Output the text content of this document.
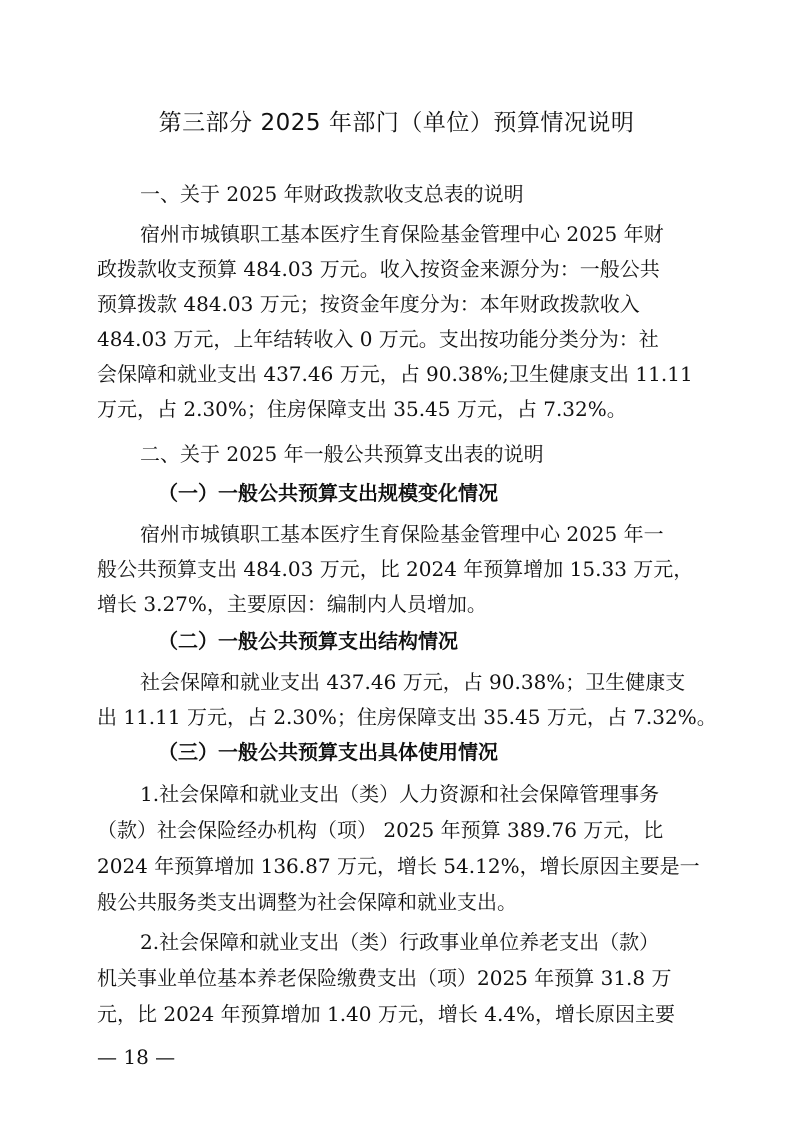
第三部分 2025 年部门（单位）预算情况说明
一、关于 2025 年财政拨款收支总表的说明
宿州市城镇职工基本医疗生育保险基金管理中心 2025 年财
政拨款收支预算 484.03 万元。收入按资金来源分为：一般公共
预算拨款 484.03 万元；按资金年度分为：本年财政拨款收入
484.03 万元，上年结转收入 0 万元。支出按功能分类分为：社
会保障和就业支出 437.46 万元，占 90.38%;卫生健康支出 11.11
万元，占 2.30%；住房保障支出 35.45 万元，占 7.32%。
二、关于 2025 年一般公共预算支出表的说明
（一）一般公共预算支出规模变化情况
宿州市城镇职工基本医疗生育保险基金管理中心 2025 年一
般公共预算支出 484.03 万元，比 2024 年预算增加 15.33 万元，
增长 3.27%，主要原因：编制内人员增加。
（二）一般公共预算支出结构情况
社会保障和就业支出 437.46 万元，占 90.38%；卫生健康支
出 11.11 万元，占 2.30%；住房保障支出 35.45 万元，占 7.32%。
（三）一般公共预算支出具体使用情况
1.社会保障和就业支出（类）人力资源和社会保障管理事务
（款）社会保险经办机构（项） 2025 年预算 389.76 万元，比
2024 年预算增加 136.87 万元，增长 54.12%，增长原因主要是一
般公共服务类支出调整为社会保障和就业支出。
2.社会保障和就业支出（类）行政事业单位养老支出（款）
机关事业单位基本养老保险缴费支出（项）2025 年预算 31.8 万
元，比 2024 年预算增加 1.40 万元，增长 4.4%，增长原因主要
— 18 —
